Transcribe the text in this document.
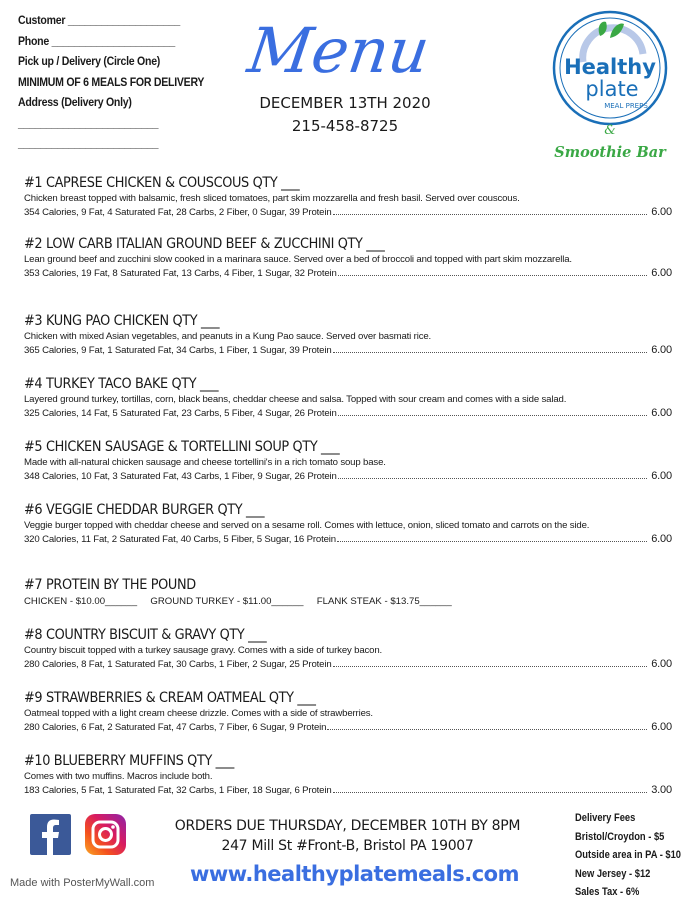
Customer ____________________
Phone ______________________
Pick up / Delivery (Circle One)
MINIMUM OF 6 MEALS FOR DELIVERY
Address (Delivery Only)
_________________________
_________________________
Menu
DECEMBER 13TH 2020
215-458-8725
Healthy
plate
MEAL PREPS
&
Smoothie Bar
#1 CAPRESE CHICKEN & COUSCOUS QTY ___
Chicken breast topped with balsamic, fresh sliced tomatoes, part skim mozzarella and fresh basil. Served over couscous.
354 Calories, 9 Fat, 4 Saturated Fat, 28 Carbs, 2 Fiber, 0 Sugar, 39 Protein	6.00
#2 LOW CARB ITALIAN GROUND BEEF & ZUCCHINI QTY ___
Lean ground beef and zucchini slow cooked in a marinara sauce. Served over a bed of broccoli and topped with part skim mozzarella.
353 Calories, 19 Fat, 8 Saturated Fat, 13 Carbs, 4 Fiber, 1 Sugar, 32 Protein	6.00
#3 KUNG PAO CHICKEN QTY ___
Chicken with mixed Asian vegetables, and peanuts in a Kung Pao sauce. Served over basmati rice.
365 Calories, 9 Fat, 1 Saturated Fat, 34 Carbs, 1 Fiber, 1 Sugar, 39 Protein	6.00
#4 TURKEY TACO BAKE QTY ___
Layered ground turkey, tortillas, corn, black beans, cheddar cheese and salsa. Topped with sour cream and comes with a side salad.
325 Calories, 14 Fat, 5 Saturated Fat, 23 Carbs, 5 Fiber, 4 Sugar, 26 Protein	6.00
#5 CHICKEN SAUSAGE & TORTELLINI SOUP QTY ___
Made with all-natural chicken sausage and cheese tortellini's in a rich tomato soup base.
348 Calories, 10 Fat, 3 Saturated Fat, 43 Carbs, 1 Fiber, 9 Sugar, 26 Protein	6.00
#6 VEGGIE CHEDDAR BURGER QTY ___
Veggie burger topped with cheddar cheese and served on a sesame roll. Comes with lettuce, onion, sliced tomato and carrots on the side.
320 Calories, 11 Fat, 2 Saturated Fat, 40 Carbs, 5 Fiber, 5 Sugar, 16 Protein	6.00
#7 PROTEIN BY THE POUND
CHICKEN - $10.00______     GROUND TURKEY - $11.00______     FLANK STEAK - $13.75______
#8 COUNTRY BISCUIT & GRAVY QTY ___
Country biscuit topped with a turkey sausage gravy. Comes with a side of turkey bacon.
280 Calories, 8 Fat, 1 Saturated Fat, 30 Carbs, 1 Fiber, 2 Sugar, 25 Protein	6.00
#9 STRAWBERRIES & CREAM OATMEAL QTY ___
Oatmeal topped with a light cream cheese drizzle. Comes with a side of strawberries.
280 Calories, 6 Fat, 2 Saturated Fat, 47 Carbs, 7 Fiber, 6 Sugar, 9 Protein	6.00
#10 BLUEBERRY MUFFINS QTY ___
Comes with two muffins. Macros include both.
183 Calories, 5 Fat, 1 Saturated Fat, 32 Carbs, 1 Fiber, 18 Sugar, 6 Protein	3.00
ORDERS DUE THURSDAY, DECEMBER 10TH BY 8PM
247 Mill St #Front-B, Bristol PA 19007
www.healthyplatemeals.com
Made with PosterMyWall.com
Delivery Fees
Bristol/Croydon - $5
Outside area in PA - $10
New Jersey - $12
Sales Tax - 6%
